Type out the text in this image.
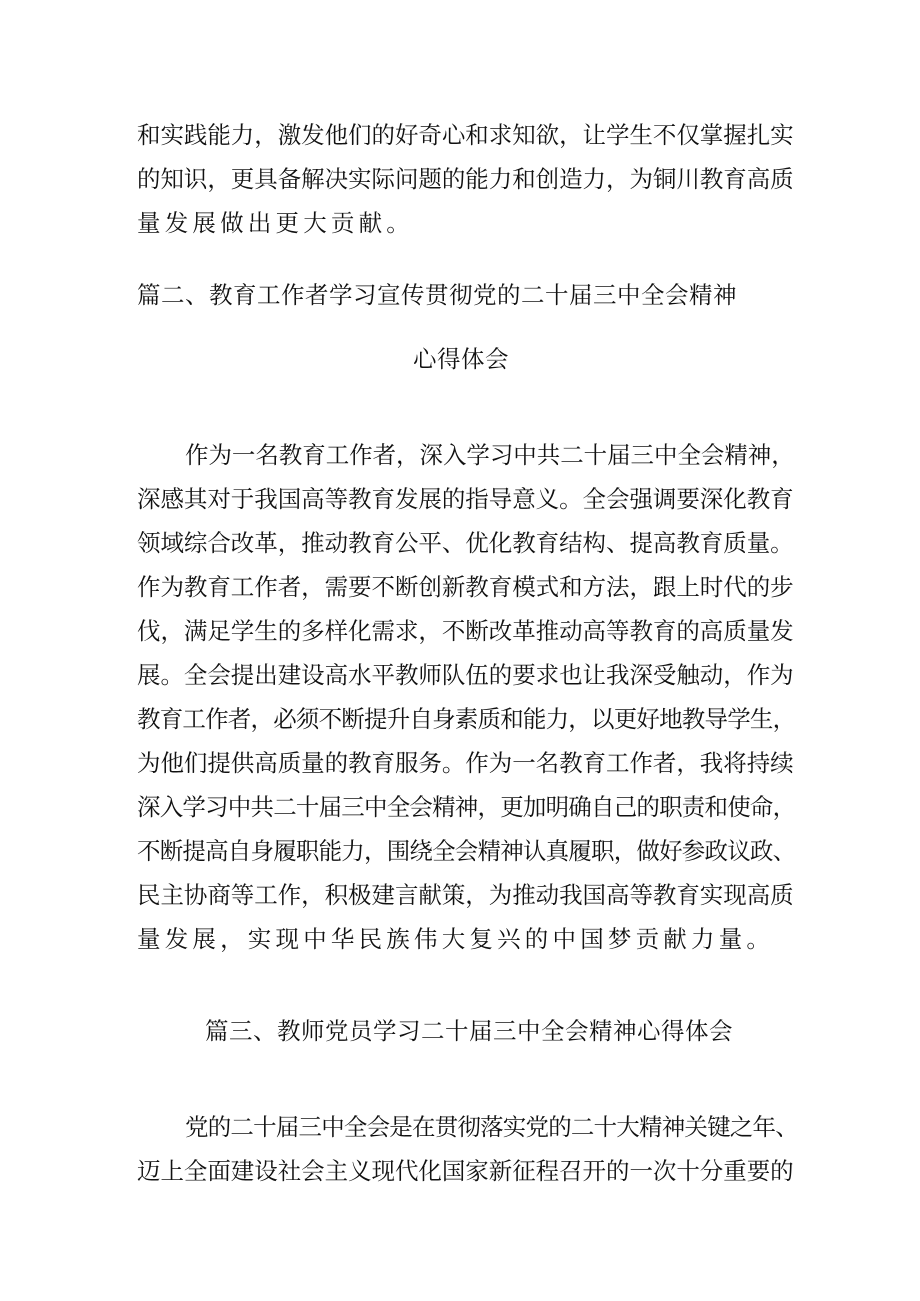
和实践能力，激发他们的好奇心和求知欲，让学生不仅掌握扎实
的知识，更具备解决实际问题的能力和创造力，为铜川教育高质
量发展做出更大贡献。
篇二、教育工作者学习宣传贯彻党的二十届三中全会精神
心得体会
作为一名教育工作者，深入学习中共二十届三中全会精神，
深感其对于我国高等教育发展的指导意义。全会强调要深化教育
领域综合改革，推动教育公平、优化教育结构、提高教育质量。
作为教育工作者，需要不断创新教育模式和方法，跟上时代的步
伐，满足学生的多样化需求，不断改革推动高等教育的高质量发
展。全会提出建设高水平教师队伍的要求也让我深受触动，作为
教育工作者，必须不断提升自身素质和能力，以更好地教导学生，
为他们提供高质量的教育服务。作为一名教育工作者，我将持续
深入学习中共二十届三中全会精神，更加明确自己的职责和使命，
不断提高自身履职能力，围绕全会精神认真履职，做好参政议政、
民主协商等工作，积极建言献策，为推动我国高等教育实现高质
量发展，实现中华民族伟大复兴的中国梦贡献力量。
篇三、教师党员学习二十届三中全会精神心得体会
党的二十届三中全会是在贯彻落实党的二十大精神关键之年、
迈上全面建设社会主义现代化国家新征程召开的一次十分重要的
